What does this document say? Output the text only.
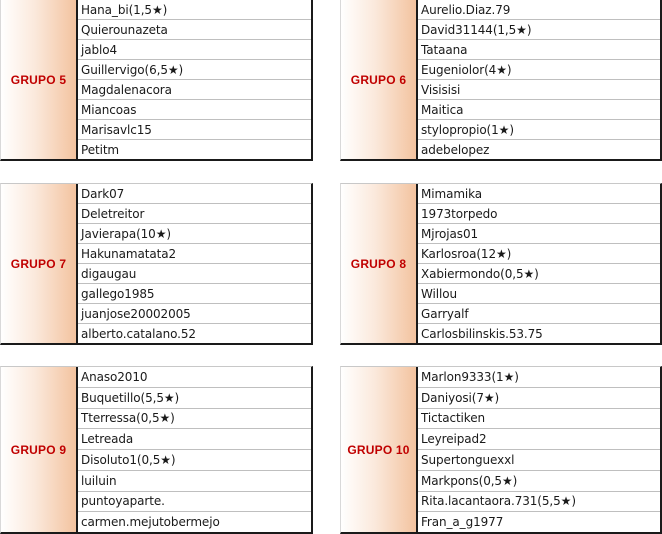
GRUPO 5
Hana_bi(1,5★)
Quierounazeta
jablo4
Guillervigo(6,5★)
Magdalenacora
Miancoas
Marisavlc15
Petitm
GRUPO 6
Aurelio.Diaz.79
David31144(1,5★)
Tataana
Eugeniolor(4★)
Visisisi
Maitica
stylopropio(1★)
adebelopez
GRUPO 7
Dark07
Deletreitor
Javierapa(10★)
Hakunamatata2
digaugau
gallego1985
juanjose20002005
alberto.catalano.52
GRUPO 8
Mimamika
1973torpedo
Mjrojas01
Karlosroa(12★)
Xabiermondo(0,5★)
Willou
Garryalf
Carlosbilinskis.53.75
GRUPO 9
Anaso2010
Buquetillo(5,5★)
Tterressa(0,5★)
Letreada
Disoluto1(0,5★)
luiluin
puntoyaparte.
carmen.mejutobermejo
GRUPO 10
Marlon9333(1★)
Daniyosi(7★)
Tictactiken
Leyreipad2
Supertonguexxl
Markpons(0,5★)
Rita.lacantaora.731(5,5★)
Fran_a_g1977
